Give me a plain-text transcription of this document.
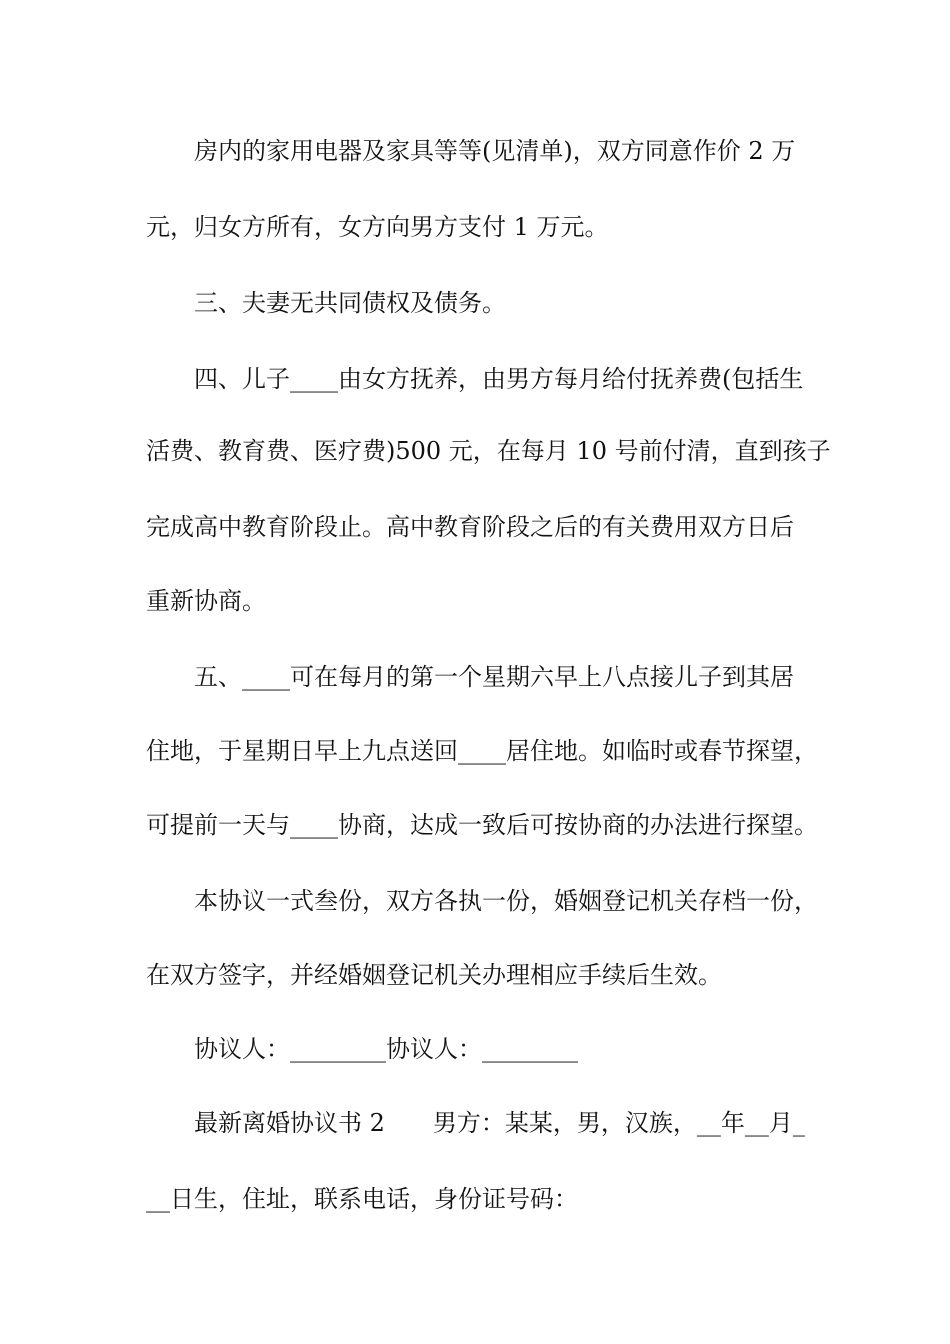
房内的家用电器及家具等等(见清单)，双方同意作价 2 万
元，归女方所有，女方向男方支付 1 万元。
三、夫妻无共同债权及债务。
四、儿子____由女方抚养，由男方每月给付抚养费(包括生
活费、教育费、医疗费)500 元，在每月 10 号前付清，直到孩子
完成高中教育阶段止。高中教育阶段之后的有关费用双方日后
重新协商。
五、____可在每月的第一个星期六早上八点接儿子到其居
住地，于星期日早上九点送回____居住地。如临时或春节探望，
可提前一天与____协商，达成一致后可按协商的办法进行探望。
本协议一式叁份，双方各执一份，婚姻登记机关存档一份，
在双方签字，并经婚姻登记机关办理相应手续后生效。
协议人：________协议人：________
最新离婚协议书 2 男方：某某，男，汉族，__年__月_
__日生，住址，联系电话，身份证号码：
